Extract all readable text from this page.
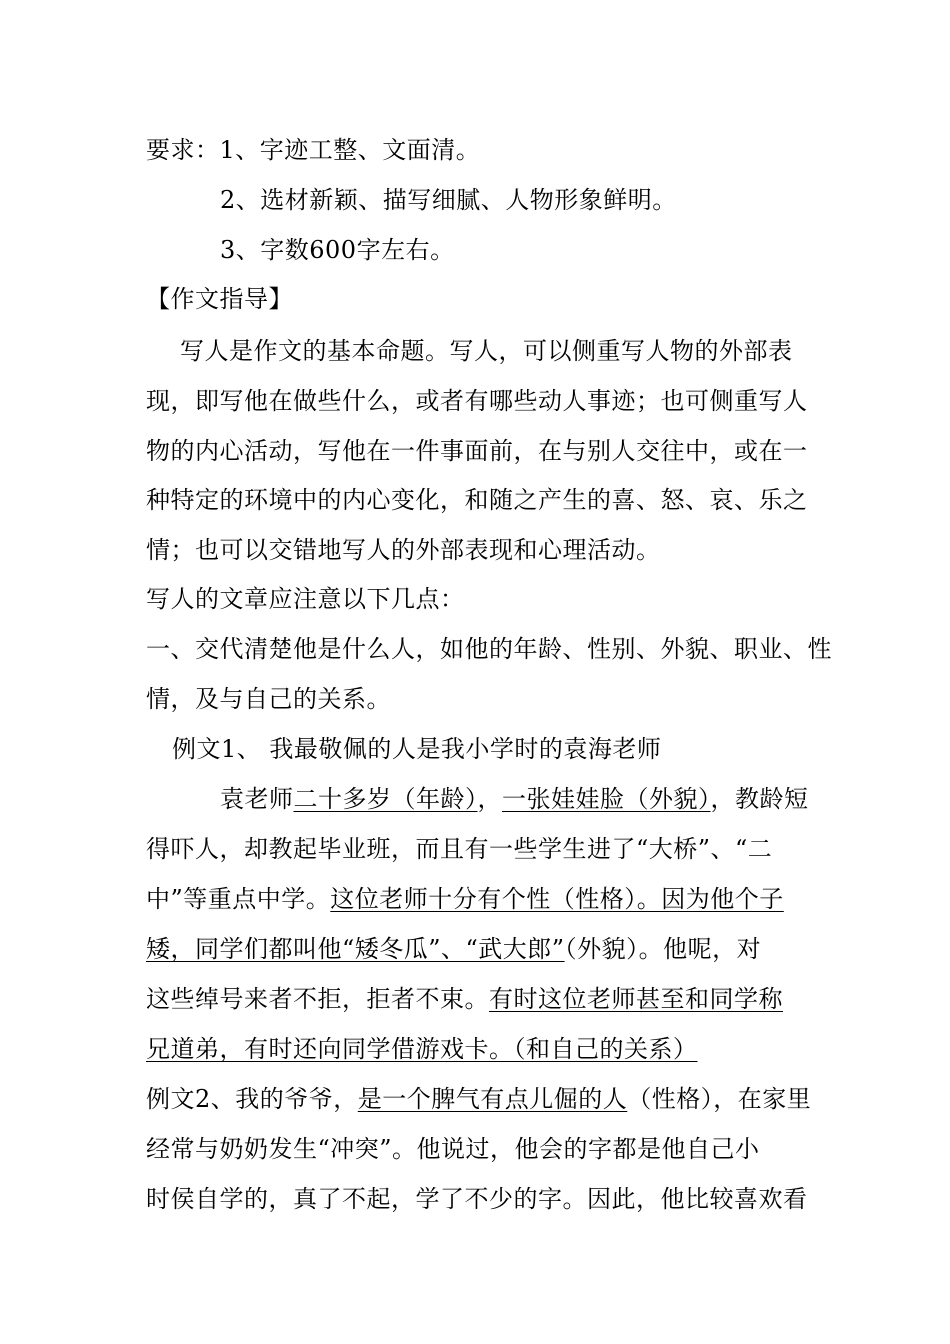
要求：1、字迹工整、文面清。
2、选材新颖、描写细腻、人物形象鲜明。
3、字数600字左右。
【作文指导】
写人是作文的基本命题。写人，可以侧重写人物的外部表
现，即写他在做些什么，或者有哪些动人事迹；也可侧重写人
物的内心活动，写他在一件事面前，在与别人交往中，或在一
种特定的环境中的内心变化，和随之产生的喜、怒、哀、乐之
情；也可以交错地写人的外部表现和心理活动。
写人的文章应注意以下几点：
一、交代清楚他是什么人，如他的年龄、性别、外貌、职业、性
情，及与自己的关系。
例文1、 我最敬佩的人是我小学时的袁海老师
袁老师二十多岁（年龄），一张娃娃脸（外貌），教龄短
得吓人，却教起毕业班，而且有一些学生进了“大桥”、“二
中”等重点中学。这位老师十分有个性（性格）。因为他个子
矮，同学们都叫他“矮冬瓜”、“武大郎”（外貌）。他呢，对
这些绰号来者不拒，拒者不束。有时这位老师甚至和同学称
兄道弟，有时还向同学借游戏卡。（和自己的关系）
例文2、我的爷爷，是一个脾气有点儿倔的人（性格），在家里
经常与奶奶发生“冲突”。他说过，他会的字都是他自己小
时侯自学的，真了不起，学了不少的字。因此，他比较喜欢看
